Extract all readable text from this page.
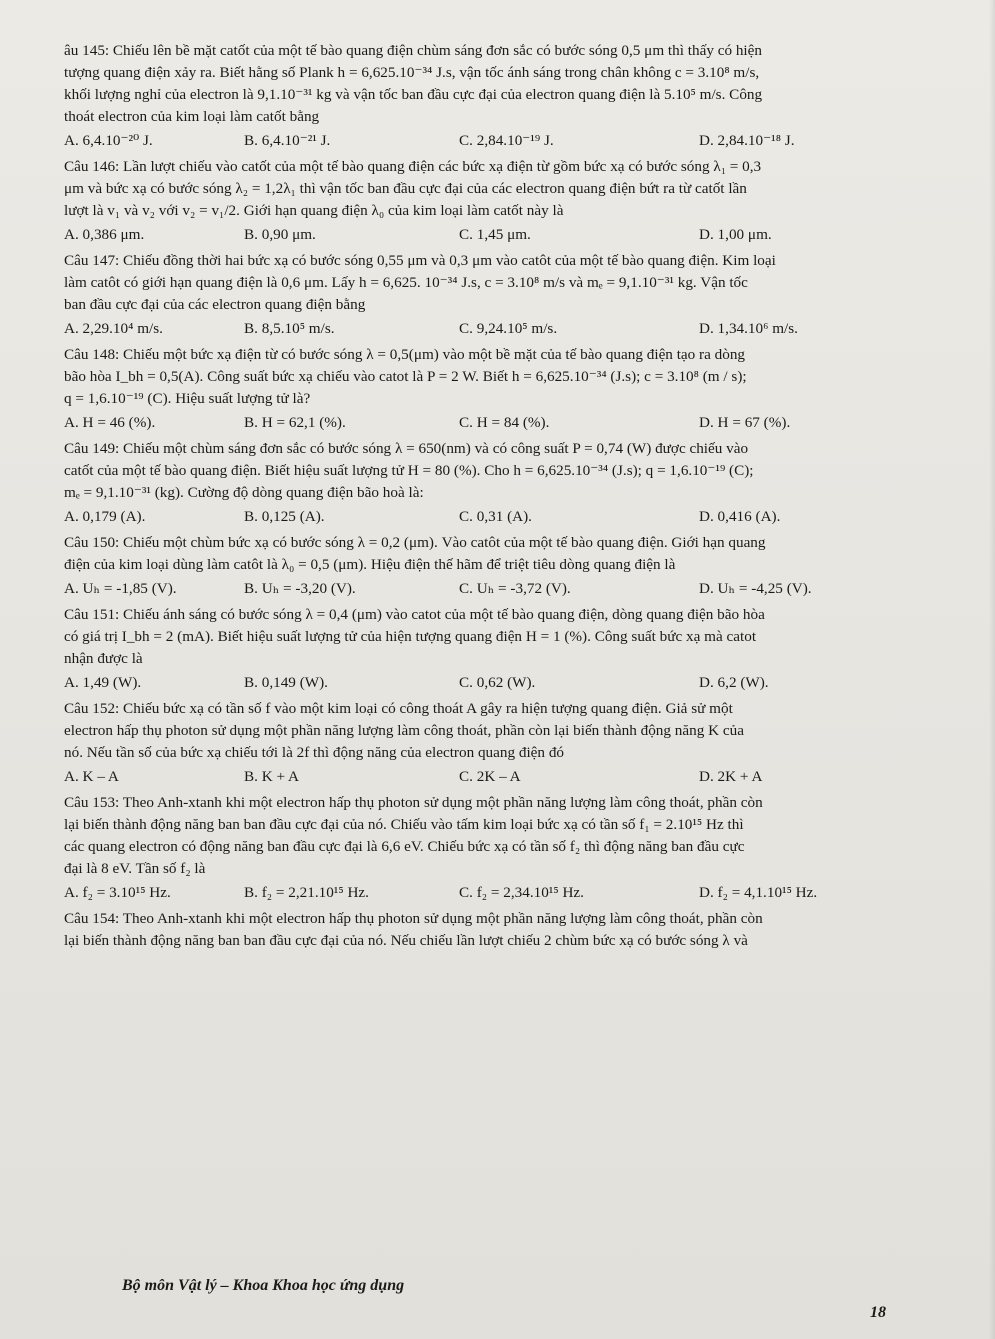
âu 145: Chiếu lên bề mặt catốt của một tế bào quang điện chùm sáng đơn sắc có bước sóng 0,5 μm thì thấy có hiện

tượng quang điện xảy ra. Biết hằng số Plank h = 6,625.10⁻³⁴ J.s, vận tốc ánh sáng trong chân không c = 3.10⁸ m/s,

khối lượng nghỉ của electron là 9,1.10⁻³¹ kg và vận tốc ban đầu cực đại của electron quang điện là 5.10⁵ m/s. Công

thoát electron của kim loại làm catốt bằng

A. 6,4.10⁻²⁰ J.	B. 6,4.10⁻²¹ J.	C. 2,84.10⁻¹⁹ J.	D. 2,84.10⁻¹⁸ J.

Câu 146: Lần lượt chiếu vào catốt của một tế bào quang điện các bức xạ điện từ gồm bức xạ có bước sóng λ₁ = 0,3

μm và bức xạ có bước sóng λ₂ = 1,2λ₁ thì vận tốc ban đầu cực đại của các electron quang điện bứt ra từ catốt lần

lượt là v₁ và v₂ với v₂ = v₁/2. Giới hạn quang điện λ₀ của kim loại làm catốt này là

A. 0,386 μm.	B. 0,90 μm.	C. 1,45 μm.	D. 1,00 μm.

Câu 147: Chiếu đồng thời hai bức xạ có bước sóng 0,55 μm và 0,3 μm vào catôt của một tế bào quang điện. Kim loại

làm catôt có giới hạn quang điện là 0,6 μm. Lấy h = 6,625. 10⁻³⁴ J.s, c = 3.10⁸ m/s và mₑ = 9,1.10⁻³¹ kg. Vận tốc

ban đầu cực đại của các electron quang điện bằng

A. 2,29.10⁴ m/s.	B. 8,5.10⁵ m/s.	C. 9,24.10⁵ m/s.	D. 1,34.10⁶ m/s.

Câu 148: Chiếu một bức xạ điện từ có bước sóng λ = 0,5(μm) vào một bề mặt của tế bào quang điện tạo ra dòng

bão hòa I_bh = 0,5(A). Công suất bức xạ chiếu vào catot là P = 2 W. Biết h = 6,625.10⁻³⁴ (J.s); c = 3.10⁸ (m / s);

q = 1,6.10⁻¹⁹ (C). Hiệu suất lượng tử là?

A. H = 46 (%).	B. H = 62,1 (%).	C. H = 84 (%).	D. H = 67 (%).

Câu 149: Chiếu một chùm sáng đơn sắc có bước sóng λ = 650(nm) và có công suất P = 0,74 (W) được chiếu vào

catốt của một tế bào quang điện. Biết hiệu suất lượng tử H = 80 (%). Cho h = 6,625.10⁻³⁴ (J.s); q = 1,6.10⁻¹⁹ (C);

mₑ = 9,1.10⁻³¹ (kg). Cường độ dòng quang điện bão hoà là:

A. 0,179 (A).	B. 0,125 (A).	C. 0,31 (A).	D. 0,416 (A).

Câu 150: Chiếu một chùm bức xạ có bước sóng λ = 0,2 (μm). Vào catôt của một tế bào quang điện. Giới hạn quang

điện của kim loại dùng làm catôt là λ₀ = 0,5 (μm). Hiệu điện thế hãm để triệt tiêu dòng quang điện là

A. Uₕ = -1,85 (V).	B. Uₕ = -3,20 (V).	C. Uₕ = -3,72 (V).	D. Uₕ = -4,25 (V).

Câu 151: Chiếu ánh sáng có bước sóng λ = 0,4 (μm) vào catot của một tế bào quang điện, dòng quang điện bão hòa

có giá trị I_bh = 2 (mA). Biết hiệu suất lượng tử của hiện tượng quang điện H = 1 (%). Công suất bức xạ mà catot

nhận được là

A. 1,49 (W).	B. 0,149 (W).	C. 0,62 (W).	D. 6,2 (W).

Câu 152: Chiếu bức xạ có tần số f vào một kim loại có công thoát A gây ra hiện tượng quang điện. Giả sử một

electron hấp thụ photon sử dụng một phần năng lượng làm công thoát, phần còn lại biến thành động năng K của

nó. Nếu tần số của bức xạ chiếu tới là 2f thì động năng của electron quang điện đó

A. K – A	B. K + A	C. 2K – A	D. 2K + A

Câu 153: Theo Anh-xtanh khi một electron hấp thụ photon sử dụng một phần năng lượng làm công thoát, phần còn

lại biến thành động năng ban ban đầu cực đại của nó. Chiếu vào tấm kim loại bức xạ có tần số f₁ = 2.10¹⁵ Hz thì

các quang electron có động năng ban đầu cực đại là 6,6 eV. Chiếu bức xạ có tần số f₂ thì động năng ban đầu cực

đại là 8 eV. Tần số f₂ là

A. f₂ = 3.10¹⁵ Hz.	B. f₂ = 2,21.10¹⁵ Hz.	C. f₂ = 2,34.10¹⁵ Hz.	D. f₂ = 4,1.10¹⁵ Hz.

Câu 154: Theo Anh-xtanh khi một electron hấp thụ photon sử dụng một phần năng lượng làm công thoát, phần còn

lại biến thành động năng ban ban đầu cực đại của nó. Nếu chiếu lần lượt chiếu 2 chùm bức xạ có bước sóng λ và

Bộ môn Vật lý – Khoa Khoa học ứng dụng
18
